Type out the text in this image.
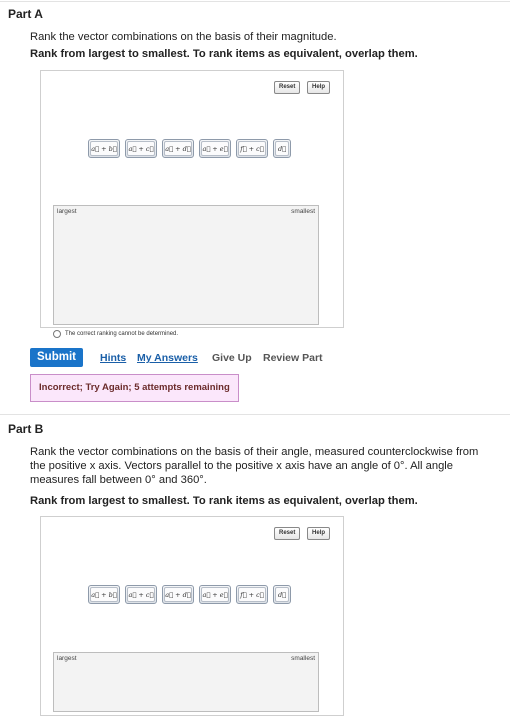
Part A
Rank the vector combinations on the basis of their magnitude.
Rank from largest to smallest. To rank items as equivalent, overlap them.
Reset	Help
a⃗ + b⃗ a⃗ + c⃗ a⃗ + d⃗ a⃗ + e⃗	f⃗ + c⃗	d⃗
largest	smallest
The correct ranking cannot be determined.
Submit	Hints My Answers Give Up Review Part
Incorrect; Try Again; 5 attempts remaining
Part B
Rank the vector combinations on the basis of their angle, measured counterclockwise from the positive x axis. Vectors parallel to the positive x axis have an angle of 0°. All angle measures fall between 0° and 360°.
Rank from largest to smallest. To rank items as equivalent, overlap them.
Reset	Help
a⃗ + b⃗ a⃗ + c⃗ a⃗ + d⃗ a⃗ + e⃗	f⃗ + c⃗	d⃗
largest	smallest
